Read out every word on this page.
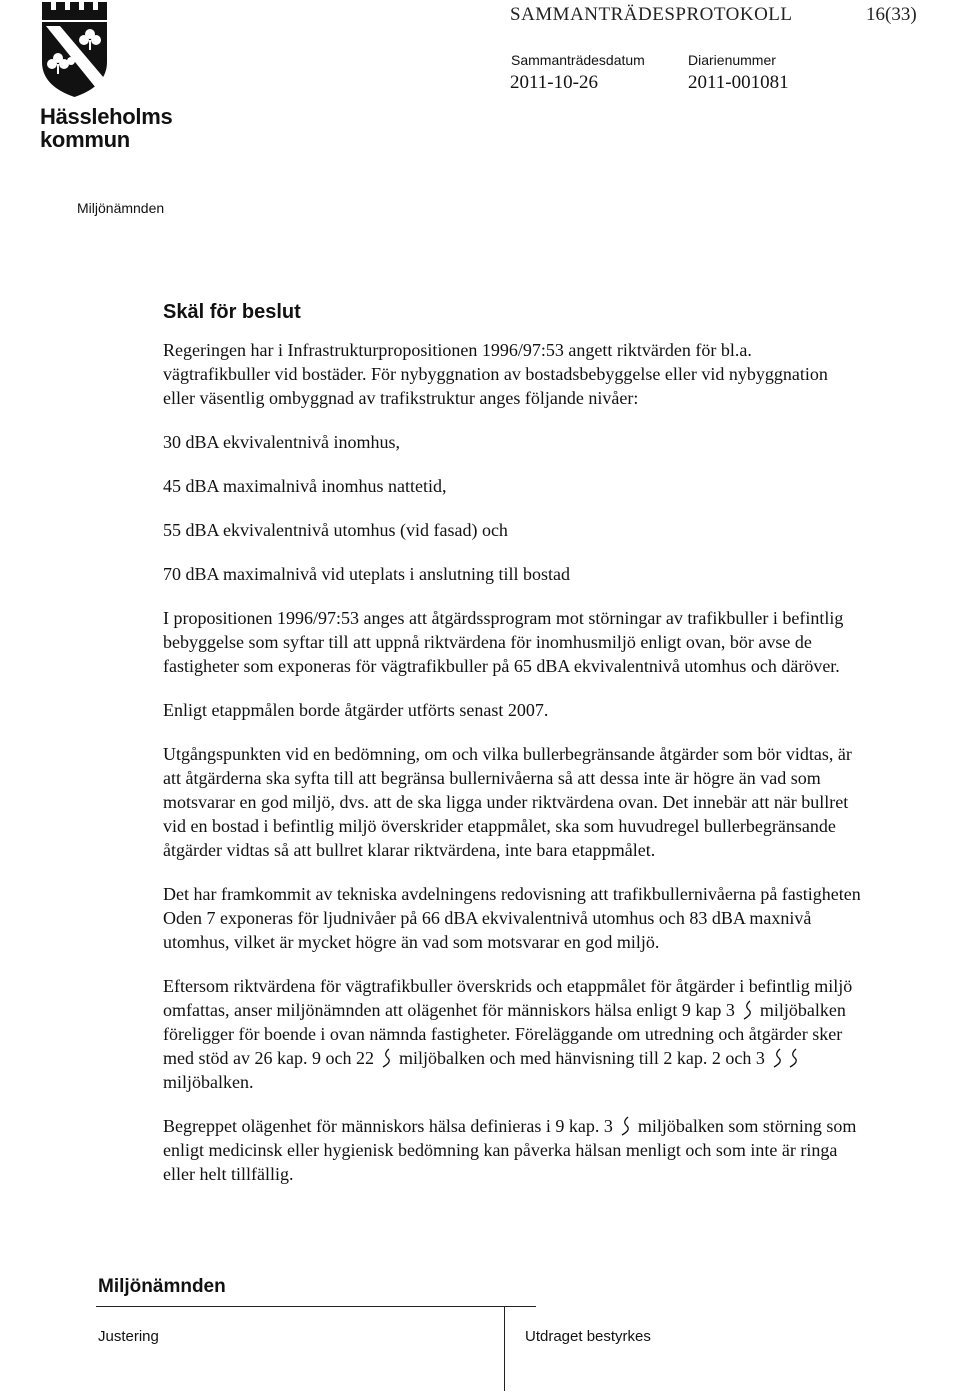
Hässleholms
kommun
SAMMANTRÄDESPROTOKOLL	16(33)
Sammanträdesdatum	Diarienummer
2011-10-26	2011-001081
Miljönämnden
Skäl för beslut

Regeringen har i Infrastrukturpropositionen 1996/97:53 angett riktvärden för bl.a. vägtrafikbuller vid bostäder. För nybyggnation av bostadsbebyggelse eller vid nybyggnation eller väsentlig ombyggnad av trafikstruktur anges följande nivåer:

30 dBA ekvivalentnivå inomhus,

45 dBA maximalnivå inomhus nattetid,

55 dBA ekvivalentnivå utomhus (vid fasad) och

70 dBA maximalnivå vid uteplats i anslutning till bostad

I propositionen 1996/97:53 anges att åtgärdssprogram mot störningar av trafikbuller i befintlig bebyggelse som syftar till att uppnå riktvärdena för inomhusmiljö enligt ovan, bör avse de fastigheter som exponeras för vägtrafikbuller på 65 dBA ekvivalentnivå utomhus och däröver.

Enligt etappmålen borde åtgärder utförts senast 2007.

Utgångspunkten vid en bedömning, om och vilka bullerbegränsande åtgärder som bör vidtas, är att åtgärderna ska syfta till att begränsa bullernivåerna så att dessa inte är högre än vad som motsvarar en god miljö, dvs. att de ska ligga under riktvärdena ovan. Det innebär att när bullret vid en bostad i befintlig miljö överskrider etappmålet, ska som huvudregel bullerbegränsande åtgärder vidtas så att bullret klarar riktvärdena, inte bara etappmålet.

Det har framkommit av tekniska avdelningens redovisning att trafikbullernivåerna på fastigheten Oden 7 exponeras för ljudnivåer på 66 dBA ekvivalentnivå utomhus och 83 dBA maxnivå utomhus, vilket är mycket högre än vad som motsvarar en god miljö.

Eftersom riktvärdena för vägtrafikbuller överskrids och etappmålet för åtgärder i befintlig miljö omfattas, anser miljönämnden att olägenhet för människors hälsa enligt 9 kap 3 miljöbalken föreligger för boende i ovan nämnda fastigheter. Föreläggande om utredning och åtgärder sker med stöd av 26 kap. 9 och 22 miljöbalken och med hänvisning till 2 kap. 2 och 3  miljöbalken.

Begreppet olägenhet för människors hälsa definieras i 9 kap. 3 miljöbalken som störning som enligt medicinsk eller hygienisk bedömning kan påverka hälsan menligt och som inte är ringa eller helt tillfällig.

Miljönämnden
Justering	Utdraget bestyrkes
